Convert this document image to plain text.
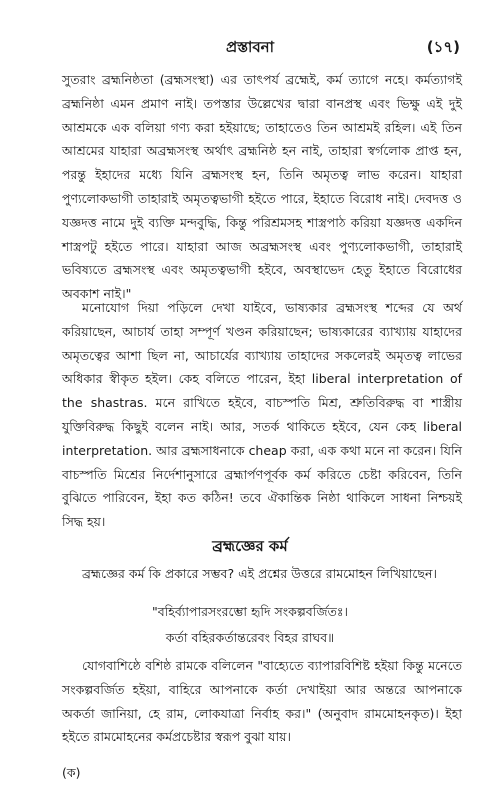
প্রস্তাবনা	(১৭)

সুতরাং ব্রহ্মনিষ্ঠতা (ব্রহ্মসংস্থা) এর তাৎপর্য ব্রহ্মেই, কর্ম ত্যাগে নহে। কর্মত্যাগই ব্রহ্মনিষ্ঠা এমন প্রমাণ নাই। তপস্তার উল্লেখের দ্বারা বানপ্রস্থ এবং ভিক্ষু এই দুই আশ্রমকে এক বলিয়া গণ্য করা হইয়াছে; তাহাতেও তিন আশ্রমই রহিল। এই তিন আশ্রমের যাহারা অব্রহ্মসংস্থ অর্থাৎ ব্রহ্মনিষ্ঠ হন নাই, তাহারা স্বর্গলোক প্রাপ্ত হন, পরন্তু ইহাদের মধ্যে যিনি ব্রহ্মসংস্থ হন, তিনি অমৃতত্ব লাভ করেন। যাহারা পুণ্যলোকভাগী তাহারাই অমৃতত্বভাগী হইতে পারে, ইহাতে বিরোধ নাই। দেবদত্ত ও যজ্ঞদত্ত নামে দুই ব্যক্তি মন্দবুদ্ধি, কিন্তু পরিশ্রমসহ শাস্ত্রপাঠ করিয়া যজ্ঞদত্ত একদিন শাস্ত্রপটু হইতে পারে। যাহারা আজ অব্রহ্মসংস্থ এবং পুণ্যলোকভাগী, তাহারাই ভবিষ্যতে ব্রহ্মসংস্থ এবং অমৃতত্বভাগী হইবে, অবস্থাভেদ হেতু ইহাতে বিরোধের অবকাশ নাই।"

মনোযোগ দিয়া পড়িলে দেখা যাইবে, ভাষ্যকার ব্রহ্মসংস্থ শব্দের যে অর্থ করিয়াছেন, আচার্য তাহা সম্পূর্ণ খণ্ডন করিয়াছেন; ভাষ্যকারের ব্যাখ্যায় যাহাদের অমৃতত্বের আশা ছিল না, আচার্যের ব্যাখ্যায় তাহাদের সকলেরই অমৃতত্ব লাভের অধিকার স্বীকৃত হইল। কেহ বলিতে পারেন, ইহা liberal interpretation of the shastras. মনে রাখিতে হইবে, বাচস্পতি মিশ্র, শ্রুতিবিরুদ্ধ বা শাস্ত্রীয় যুক্তিবিরুদ্ধ কিছুই বলেন নাই। আর, সতর্ক থাকিতে হইবে, যেন কেহ liberal interpretation. আর ব্রহ্মসাধনাকে cheap করা, এক কথা মনে না করেন। যিনি বাচস্পতি মিশ্রের নির্দেশানুসারে ব্রহ্মার্পণপূর্বক কর্ম করিতে চেষ্টা করিবেন, তিনি বুঝিতে পারিবেন, ইহা কত কঠিন! তবে ঐকান্তিক নিষ্ঠা থাকিলে সাধনা নিশ্চয়ই সিদ্ধ হয়।

ব্রহ্মজ্ঞের কর্ম

ব্রহ্মজ্ঞের কর্ম কি প্রকারে সম্ভব? এই প্রশ্নের উত্তরে রামমোহন লিখিয়াছেন।

"বহির্ব্যাপারসংরম্ভো হৃদি সংকল্পবর্জিতঃ।
কর্তা বহিরকর্তান্তরেবং বিহর রাঘব॥

যোগবাশিষ্ঠে বশিষ্ঠ রামকে বলিলেন "বাহ্যেতে ব্যাপারবিশিষ্ট হইয়া কিন্তু মনেতে সংকল্পবর্জিত হইয়া, বাহিরে আপনাকে কর্তা দেখাইয়া আর অন্তরে আপনাকে অকর্তা জানিয়া, হে রাম, লোকযাত্রা নির্বাহ কর।" (অনুবাদ রামমোহনকৃত)। ইহা হইতে রামমোহনের কর্মপ্রচেষ্টার স্বরূপ বুঝা যায়।

(ক)
